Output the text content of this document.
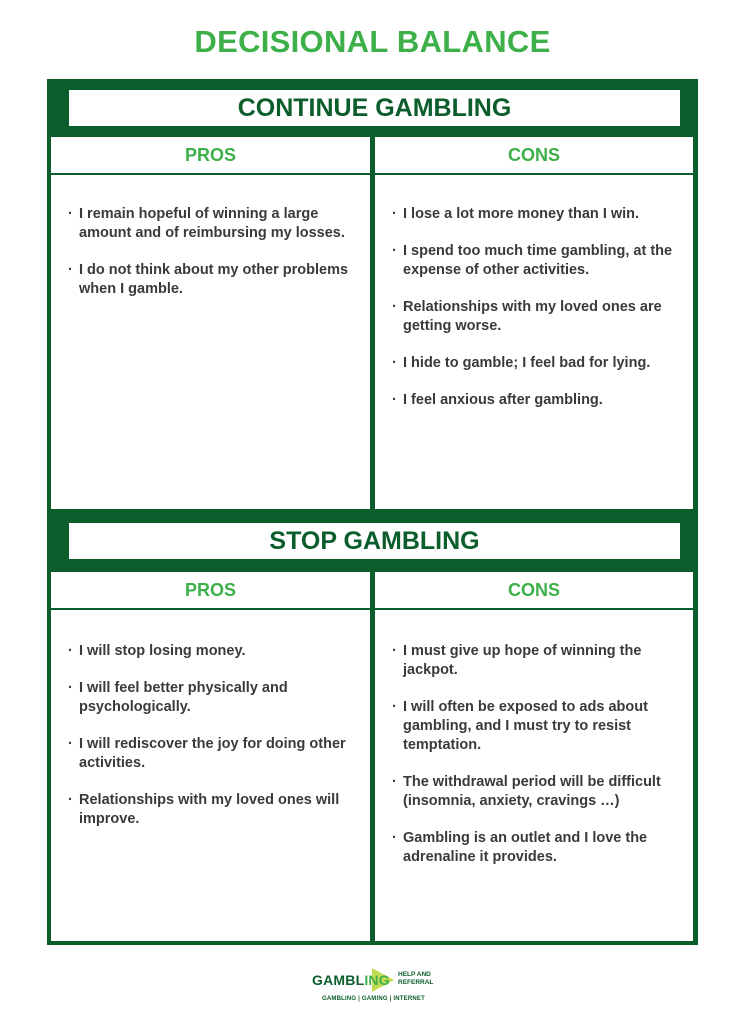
DECISIONAL BALANCE
CONTINUE GAMBLING
PROS
· I remain hopeful of winning a large amount and of reimbursing my losses.
· I do not think about my other problems when I gamble.
CONS
· I lose a lot more money than I win.
· I spend too much time gambling, at the expense of other activities.
· Relationships with my loved ones are getting worse.
· I hide to gamble; I feel bad for lying.
· I feel anxious after gambling.
STOP GAMBLING
PROS
· I will stop losing money.
· I will feel better physically and psychologically.
· I will rediscover the joy for doing other activities.
· Relationships with my loved ones will improve.
CONS
· I must give up hope of winning the jackpot.
· I will often be exposed to ads about gambling, and I must try to resist temptation.
· The withdrawal period will be difficult (insomnia, anxiety, cravings …)
· Gambling is an outlet and I love the adrenaline it provides.
GAMBLING HELP AND
REFERRAL
GAMBLING | GAMING | INTERNET
